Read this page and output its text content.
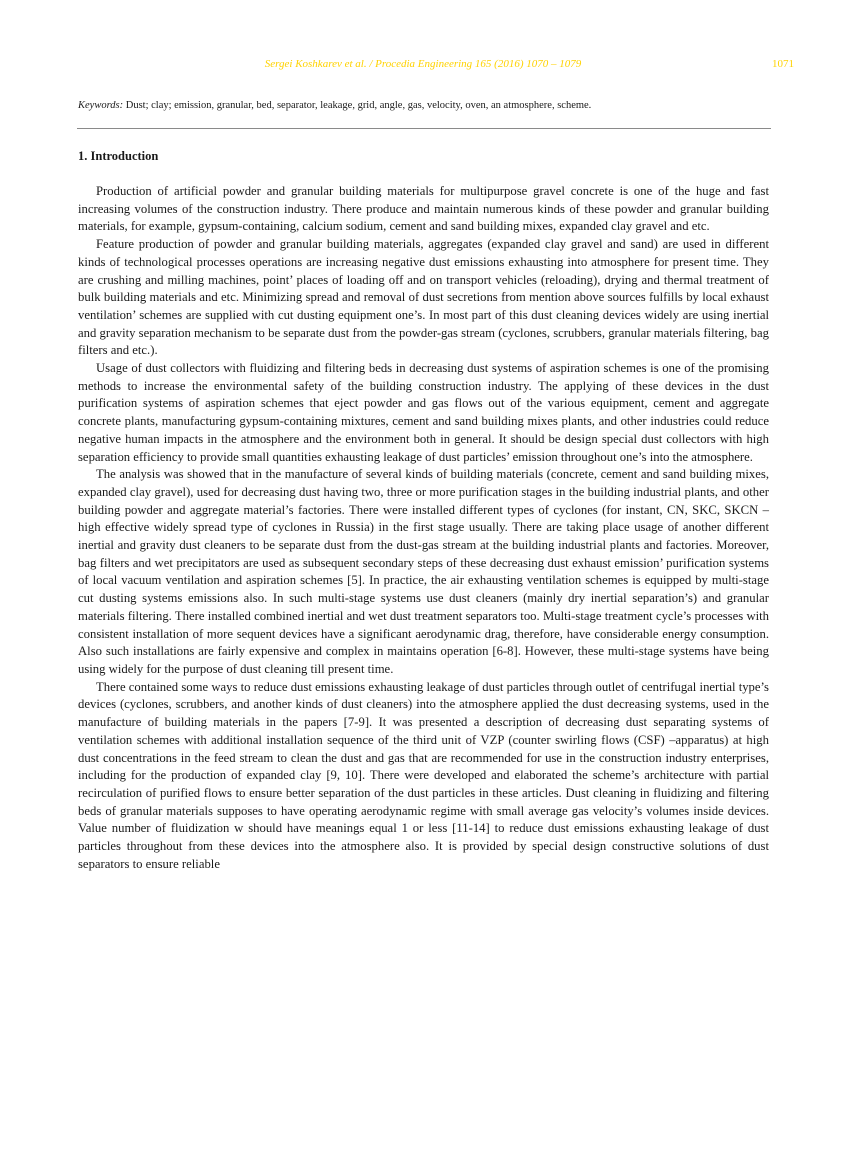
Sergei Koshkarev et al. / Procedia Engineering 165 (2016) 1070 – 1079	1071
Keywords: Dust; clay; emission, granular, bed, separator, leakage, grid, angle, gas, velocity, oven, an atmosphere, scheme.
1. Introduction

Production of artificial powder and granular building materials for multipurpose gravel concrete is one of the huge and fast increasing volumes of the construction industry. There produce and maintain numerous kinds of these powder and granular building materials, for example, gypsum-containing, calcium sodium, cement and sand building mixes, expanded clay gravel and etc.

Feature production of powder and granular building materials, aggregates (expanded clay gravel and sand) are used in different kinds of technological processes operations are increasing negative dust emissions exhausting into atmosphere for present time. They are crushing and milling machines, point’ places of loading off and on transport vehicles (reloading), drying and thermal treatment of bulk building materials and etc. Minimizing spread and removal of dust secretions from mention above sources fulfills by local exhaust ventilation’ schemes are supplied with cut dusting equipment one’s. In most part of this dust cleaning devices widely are using inertial and gravity separation mechanism to be separate dust from the powder-gas stream (cyclones, scrubbers, granular materials filtering, bag filters and etc.).

Usage of dust collectors with fluidizing and filtering beds in decreasing dust systems of aspiration schemes is one of the promising methods to increase the environmental safety of the building construction industry. The applying of these devices in the dust purification systems of aspiration schemes that eject powder and gas flows out of the various equipment, cement and aggregate concrete plants, manufacturing gypsum-containing mixtures, cement and sand building mixes plants, and other industries could reduce negative human impacts in the atmosphere and the environment both in general. It should be design special dust collectors with high separation efficiency to provide small quantities exhausting leakage of dust particles’ emission throughout one’s into the atmosphere.

The analysis was showed that in the manufacture of several kinds of building materials (concrete, cement and sand building mixes, expanded clay gravel), used for decreasing dust having two, three or more purification stages in the building industrial plants, and other building powder and aggregate material’s factories. There were installed different types of cyclones (for instant, CN, SKC, SKCN – high effective widely spread type of cyclones in Russia) in the first stage usually. There are taking place usage of another different inertial and gravity dust cleaners to be separate dust from the dust-gas stream at the building industrial plants and factories. Moreover, bag filters and wet precipitators are used as subsequent secondary steps of these decreasing dust exhaust emission’ purification systems of local vacuum ventilation and aspiration schemes [5]. In practice, the air exhausting ventilation schemes is equipped by multi-stage cut dusting systems emissions also. In such multi-stage systems use dust cleaners (mainly dry inertial separation’s) and granular materials filtering. There installed combined inertial and wet dust treatment separators too. Multi-stage treatment cycle’s processes with consistent installation of more sequent devices have a significant aerodynamic drag, therefore, have considerable energy consumption. Also such installations are fairly expensive and complex in maintains operation [6-8]. However, these multi-stage systems have being using widely for the purpose of dust cleaning till present time.

There contained some ways to reduce dust emissions exhausting leakage of dust particles through outlet of centrifugal inertial type’s devices (cyclones, scrubbers, and another kinds of dust cleaners) into the atmosphere applied the dust decreasing systems, used in the manufacture of building materials in the papers [7-9]. It was presented a description of decreasing dust separating systems of ventilation schemes with additional installation sequence of the third unit of VZP (counter swirling flows (CSF) –apparatus) at high dust concentrations in the feed stream to clean the dust and gas that are recommended for use in the construction industry enterprises, including for the production of expanded clay [9, 10]. There were developed and elaborated the scheme’s architecture with partial recirculation of purified flows to ensure better separation of the dust particles in these articles. Dust cleaning in fluidizing and filtering beds of granular materials supposes to have operating aerodynamic regime with small average gas velocity’s volumes inside devices. Value number of fluidization w should have meanings equal 1 or less [11-14] to reduce dust emissions exhausting leakage of dust particles throughout from these devices into the atmosphere also. It is provided by special design constructive solutions of dust separators to ensure reliable
